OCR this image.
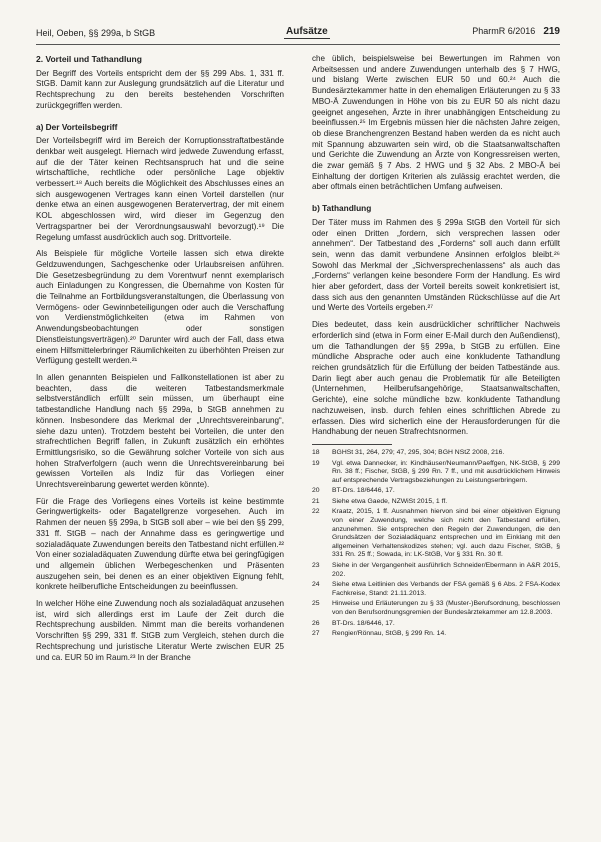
Heil, Oeben, §§ 299a, b StGB	Aufsätze	PharmR 6/2016 219
2. Vorteil und Tathandlung

Der Begriff des Vorteils entspricht dem der §§ 299 Abs. 1, 331 ff. StGB. Damit kann zur Auslegung grundsätzlich auf die Literatur und Rechtsprechung zu den bereits bestehenden Vorschriften zurückgegriffen werden.

a) Der Vorteilsbegriff

Der Vorteilsbegriff wird im Bereich der Korruptionsstraftatbestände denkbar weit ausgelegt. Hiernach wird jedwede Zuwendung erfasst, auf die der Täter keinen Rechtsanspruch hat und die seine wirtschaftliche, rechtliche oder persönliche Lage objektiv verbessert.¹⁸ Auch bereits die Möglichkeit des Abschlusses eines an sich ausgewogenen Vertrages kann einen Vorteil darstellen (nur denke etwa an einen ausgewogenen Beratervertrag, der mit einem KOL abgeschlossen wird, wird dieser im Gegenzug den Vertragspartner bei der Verordnungsauswahl bevorzugt).¹⁹ Die Regelung umfasst ausdrücklich auch sog. Drittvorteile.

Als Beispiele für mögliche Vorteile lassen sich etwa direkte Geldzuwendungen, Sachgeschenke oder Urlaubsreisen anführen. Die Gesetzesbegründung zu dem Vorentwurf nennt exemplarisch auch Einladungen zu Kongressen, die Übernahme von Kosten für die Teilnahme an Fortbildungsveranstaltungen, die Überlassung von Vermögens- oder Gewinnbeteiligungen oder auch die Verschaffung von Verdienstmöglichkeiten (etwa im Rahmen von Anwendungsbeobachtungen oder sonstigen Dienstleistungsverträgen).²⁰ Darunter wird auch der Fall, dass etwa einem Hilfsmittelerbringer Räumlichkeiten zu überhöhten Preisen zur Verfügung gestellt werden.²¹

In allen genannten Beispielen und Fallkonstellationen ist aber zu beachten, dass die weiteren Tatbestandsmerkmale selbstverständlich erfüllt sein müssen, um überhaupt eine tatbestandliche Handlung nach §§ 299a, b StGB annehmen zu können. Insbesondere das Merkmal der „Unrechtsvereinbarung“, siehe dazu unten). Trotzdem besteht bei Vorteilen, die unter den strafrechtlichen Begriff fallen, in Zukunft zusätzlich ein erhöhtes Ermittlungsrisiko, so die Gewährung solcher Vorteile von sich aus hohen Strafverfolgern (auch wenn die Unrechtsvereinbarung bei gewissen Vorteilen als Indiz für das Vorliegen einer Unrechtsvereinbarung gewertet werden könnte).

Für die Frage des Vorliegens eines Vorteils ist keine bestimmte Geringwertigkeits- oder Bagatellgrenze vorgesehen. Auch im Rahmen der neuen §§ 299a, b StGB soll aber – wie bei den §§ 299, 331 ff. StGB – nach der Annahme dass es geringwertige und sozialadäquate Zuwendungen bereits den Tatbestand nicht erfüllen.²² Von einer sozialadäquaten Zuwendung dürfte etwa bei geringfügigen und allgemein üblichen Werbegeschenken und Präsenten auszugehen sein, bei denen es an einer objektiven Eignung fehlt, konkrete heilberufliche Entscheidungen zu beeinflussen.

In welcher Höhe eine Zuwendung noch als sozialadäquat anzusehen ist, wird sich allerdings erst im Laufe der Zeit durch die Rechtsprechung ausbilden. Nimmt man die bereits vorhandenen Vorschriften §§ 299, 331 ff. StGB zum Vergleich, stehen durch die Rechtsprechung und juristische Literatur Werte zwischen EUR 25 und ca. EUR 50 im Raum.²³ In der Branche

che üblich, beispielsweise bei Bewertungen im Rahmen von Arbeitsessen und andere Zuwendungen unterhalb des § 7 HWG, und bislang Werte zwischen EUR 50 und 60.²⁴ Auch die Bundesärztekammer hatte in den ehemaligen Erläuterungen zu § 33 MBO-Ä Zuwendungen in Höhe von bis zu EUR 50 als nicht dazu geeignet angesehen, Ärzte in ihrer unabhängigen Entscheidung zu beeinflussen.²⁵ Im Ergebnis müssen hier die nächsten Jahre zeigen, ob diese Branchengrenzen Bestand haben werden da es nicht auch mit Spannung abzuwarten sein wird, ob die Staatsanwaltschaften und Gerichte die Zuwendung an Ärzte von Kongressreisen werten, die zwar gemäß § 7 Abs. 2 HWG und § 32 Abs. 2 MBO-Ä bei Einhaltung der dortigen Kriterien als zulässig erachtet werden, die aber oftmals einen beträchtlichen Umfang aufweisen.

b) Tathandlung

Der Täter muss im Rahmen des § 299a StGB den Vorteil für sich oder einen Dritten „fordern, sich versprechen lassen oder annehmen“. Der Tatbestand des „Forderns“ soll auch dann erfüllt sein, wenn das damit verbundene Ansinnen erfolglos bleibt.²⁶ Sowohl das Merkmal der „Sichversprechenlassens“ als auch das „Forderns“ verlangen keine besondere Form der Handlung. Es wird hier aber gefordert, dass der Vorteil bereits soweit konkretisiert ist, dass sich aus den genannten Umständen Rückschlüsse auf die Art und Werte des Vorteils ergeben.²⁷

Dies bedeutet, dass kein ausdrücklicher schriftlicher Nachweis erforderlich sind (etwa in Form einer E-Mail durch den Außendienst), um die Tathandlungen der §§ 299a, b StGB zu erfüllen. Eine mündliche Absprache oder auch eine konkludente Tathandlung reichen grundsätzlich für die Erfüllung der beiden Tatbestände aus. Darin liegt aber auch genau die Problematik für alle Beteiligten (Unternehmen, Heilberufsangehörige, Staatsanwaltschaften, Gerichte), eine solche mündliche bzw. konkludente Tathandlung nachzuweisen, insb. durch fehlen eines schriftlichen Abrede zu erfassen. Dies wird sicherlich eine der Herausforderungen für die Handhabung der neuen Strafrechtsnormen.

18	BGHSt 31, 264, 279; 47, 295, 304; BGH NStZ 2008, 216.
19	Vgl. etwa Dannecker, in: Kindhäuser/Neumann/Paeffgen, NK-StGB, § 299 Rn. 38 ff.; Fischer, StGB, § 299 Rn. 7 ff., und mit ausdrücklichem Hinweis auf entsprechende Vertragsbeziehungen zu Leistungserbringern.
20	BT-Drs. 18/6446, 17.
21	Siehe etwa Gaede, NZWiSt 2015, 1 ff.
22	Kraatz, 2015, 1 ff. Ausnahmen hiervon sind bei einer objektiven Eignung von einer Zuwendung, welche sich nicht den Tatbestand erfüllen, anzunehmen. Sie entsprechen den Regeln der Zuwendungen, die den Grundsätzen der Sozialadäquanz entsprechen und im Einklang mit den allgemeinen Verhaltenskodizes stehen; vgl. auch dazu Fischer, StGB, § 331 Rn. 25 ff.; Sowada, in: LK-StGB, Vor § 331 Rn. 30 ff.
23	Siehe in der Vergangenheit ausführlich Schneider/Ebermann in A&R 2015, 202.
24	Siehe etwa Leitlinien des Verbands der FSA gemäß § 6 Abs. 2 FSA-Kodex Fachkreise, Stand: 21.11.2013.
25	Hinweise und Erläuterungen zu § 33 (Muster-)Berufsordnung, beschlossen von den Berufsordnungsgremien der Bundesärztekammer am 12.8.2003.
26	BT-Drs. 18/6446, 17.
27	Rengier/Rönnau, StGB, § 299 Rn. 14.
